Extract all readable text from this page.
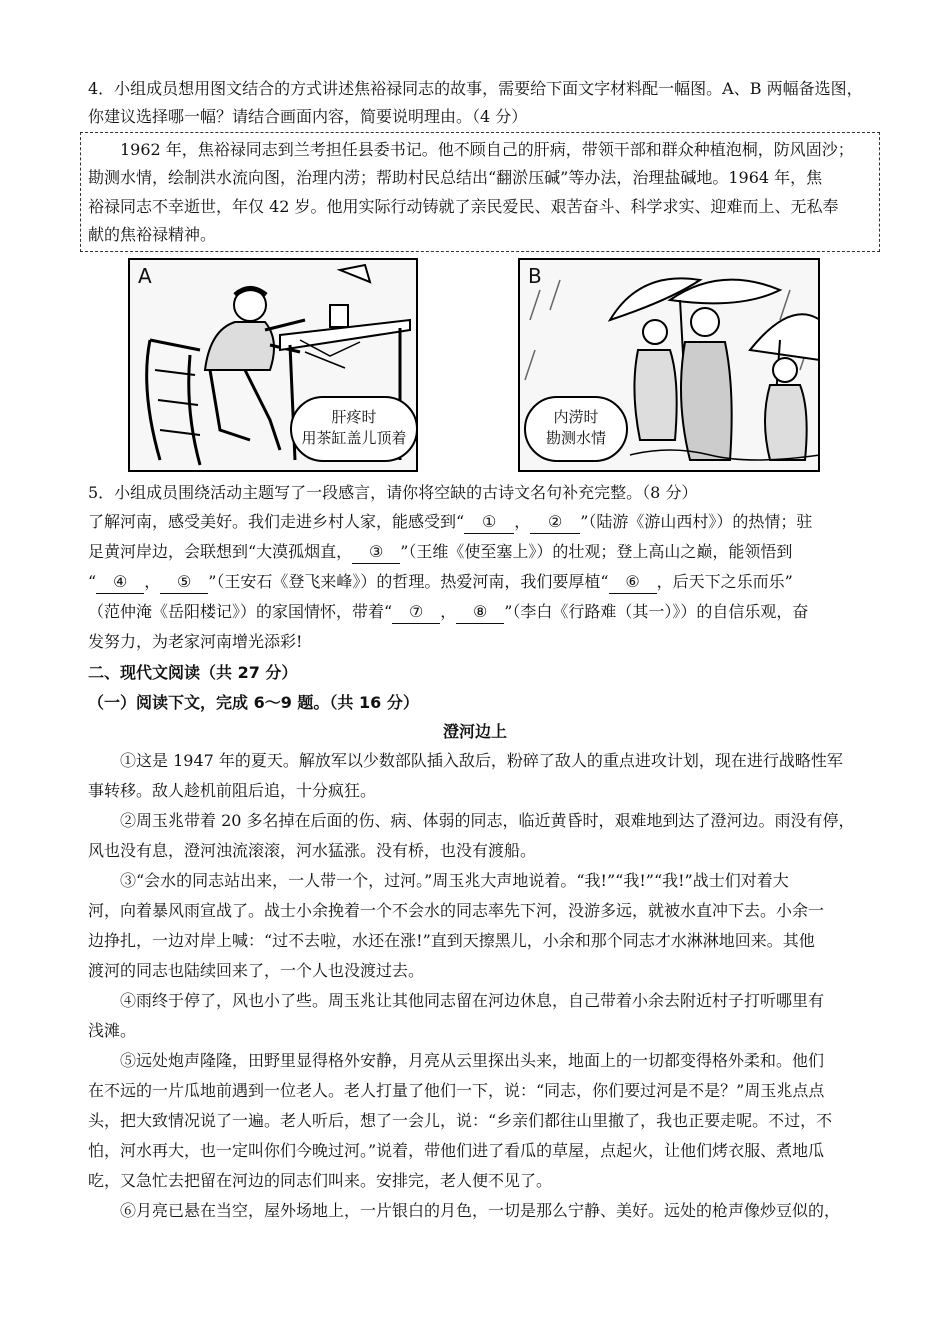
4．小组成员想用图文结合的方式讲述焦裕禄同志的故事，需要给下面文字材料配一幅图。A、B 两幅备选图，
你建议选择哪一幅？请结合画面内容，简要说明理由。（4 分）
1962 年，焦裕禄同志到兰考担任县委书记。他不顾自己的肝病，带领干部和群众种植泡桐，防风固沙；
勘测水情，绘制洪水流向图，治理内涝；帮助村民总结出“翻淤压碱”等办法，治理盐碱地。1964 年，焦
裕禄同志不幸逝世，年仅 42 岁。他用实际行动铸就了亲民爱民、艰苦奋斗、科学求实、迎难而上、无私奉
献的焦裕禄精神。
A
肝疼时
用茶缸盖儿顶着
B
内涝时
勘测水情
5．小组成员围绕活动主题写了一段感言，请你将空缺的古诗文名句补充完整。（8 分）
了解河南，感受美好。我们走进乡村人家，能感受到“ ① ， ② ”（陆游《游山西村》）的热情；驻
足黄河岸边，会联想到“大漠孤烟直， ③ ”（王维《使至塞上》）的壮观；登上高山之巅，能领悟到
“ ④ ， ⑤ ”（王安石《登飞来峰》）的哲理。热爱河南，我们要厚植“ ⑥ ，后天下之乐而乐”
（范仲淹《岳阳楼记》）的家国情怀，带着“ ⑦ ， ⑧ ”（李白《行路难（其一）》）的自信乐观，奋
发努力，为老家河南增光添彩!
二、现代文阅读（共 27 分）
（一）阅读下文，完成 6～9 题。（共 16 分）
澄河边上
①这是 1947 年的夏天。解放军以少数部队插入敌后，粉碎了敌人的重点进攻计划，现在进行战略性军
事转移。敌人趁机前阻后追，十分疯狂。
②周玉兆带着 20 多名掉在后面的伤、病、体弱的同志，临近黄昏时，艰难地到达了澄河边。雨没有停，
风也没有息，澄河浊流滚滚，河水猛涨。没有桥，也没有渡船。
③“会水的同志站出来，一人带一个，过河。”周玉兆大声地说着。“我!”“我!”“我!”战士们对着大
河，向着暴风雨宣战了。战士小余挽着一个不会水的同志率先下河，没游多远，就被水直冲下去。小余一
边挣扎，一边对岸上喊：“过不去啦，水还在涨!”直到天擦黑儿，小余和那个同志才水淋淋地回来。其他
渡河的同志也陆续回来了，一个人也没渡过去。
④雨终于停了，风也小了些。周玉兆让其他同志留在河边休息，自己带着小余去附近村子打听哪里有
浅滩。
⑤远处炮声隆隆，田野里显得格外安静，月亮从云里探出头来，地面上的一切都变得格外柔和。他们
在不远的一片瓜地前遇到一位老人。老人打量了他们一下，说：“同志，你们要过河是不是？”周玉兆点点
头，把大致情况说了一遍。老人听后，想了一会儿，说：“乡亲们都往山里撤了，我也正要走呢。不过，不
怕，河水再大，也一定叫你们今晚过河。”说着，带他们进了看瓜的草屋，点起火，让他们烤衣服、煮地瓜
吃，又急忙去把留在河边的同志们叫来。安排完，老人便不见了。
⑥月亮已悬在当空，屋外场地上，一片银白的月色，一切是那么宁静、美好。远处的枪声像炒豆似的，
